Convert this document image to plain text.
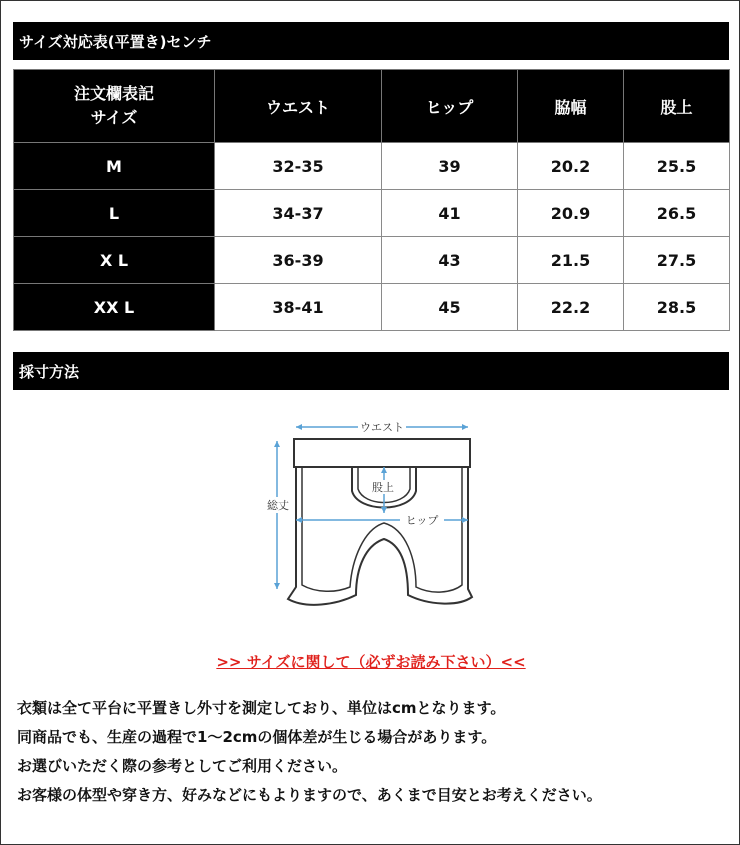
サイズ対応表(平置き)センチ
注文欄表記
サイズ	ウエスト	ヒップ	脇幅	股上
M	32-35	39	20.2	25.5
L	34-37	41	20.9	26.5
X L	36-39	43	21.5	27.5
XX L	38-41	45	22.2	28.5
採寸方法
ウエスト
股上
ヒップ
総丈
>> サイズに関して（必ずお読み下さい）<<

衣類は全て平台に平置きし外寸を測定しており、単位はcmとなります。

同商品でも、生産の過程で1～2cmの個体差が生じる場合があります。

お選びいただく際の参考としてご利用ください。

お客様の体型や穿き方、好みなどにもよりますので、あくまで目安とお考えください。
